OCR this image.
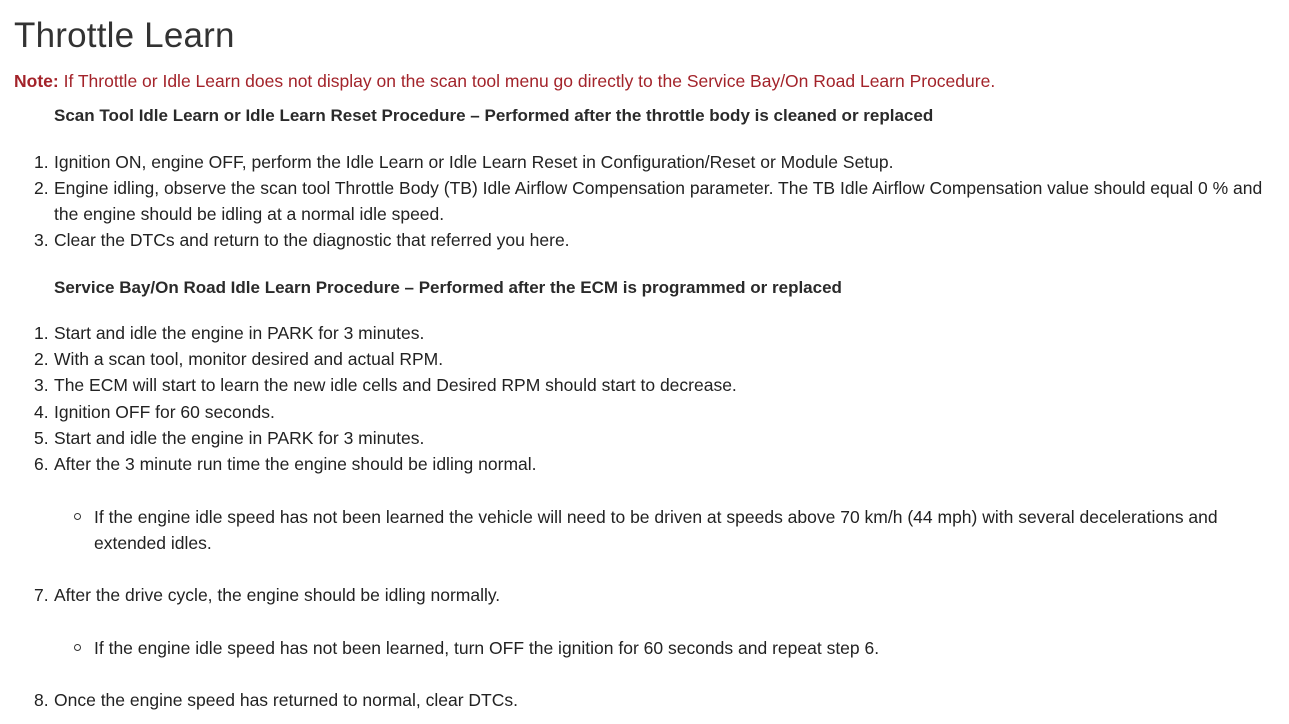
Throttle Learn

Note: If Throttle or Idle Learn does not display on the scan tool menu go directly to the Service Bay/On Road Learn Procedure.

Scan Tool Idle Learn or Idle Learn Reset Procedure – Performed after the throttle body is cleaned or replaced

1. Ignition ON, engine OFF, perform the Idle Learn or Idle Learn Reset in Configuration/Reset or Module Setup.
2. Engine idling, observe the scan tool Throttle Body (TB) Idle Airflow Compensation parameter. The TB Idle Airflow Compensation value should equal 0 % and the engine should be idling at a normal idle speed.
3. Clear the DTCs and return to the diagnostic that referred you here.

Service Bay/On Road Idle Learn Procedure – Performed after the ECM is programmed or replaced

1. Start and idle the engine in PARK for 3 minutes.
2. With a scan tool, monitor desired and actual RPM.
3. The ECM will start to learn the new idle cells and Desired RPM should start to decrease.
4. Ignition OFF for 60 seconds.
5. Start and idle the engine in PARK for 3 minutes.
6. After the 3 minute run time the engine should be idling normal.
If the engine idle speed has not been learned the vehicle will need to be driven at speeds above 70 km/h (44 mph) with several decelerations and extended idles.
7. After the drive cycle, the engine should be idling normally.
If the engine idle speed has not been learned, turn OFF the ignition for 60 seconds and repeat step 6.
8. Once the engine speed has returned to normal, clear DTCs.
